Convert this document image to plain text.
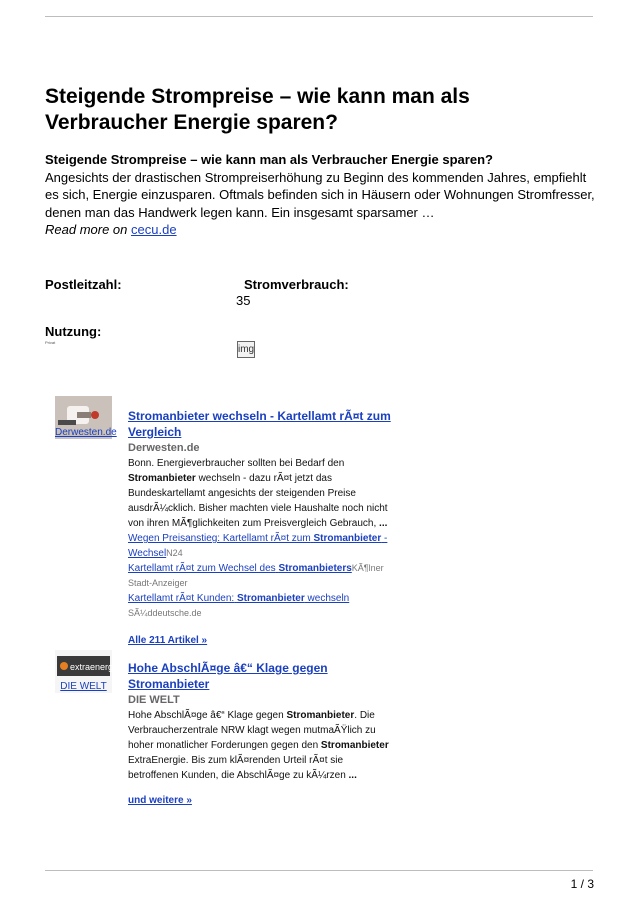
Steigende Strompreise – wie kann man als Verbraucher Energie sparen?
Steigende Strompreise – wie kann man als Verbraucher Energie sparen?
Angesichts der drastischen Strompreiserhöhung zu Beginn des kommenden Jahres, empfiehlt es sich, Energie einzusparen. Oftmals befinden sich in Häusern oder Wohnungen Stromfresser, denen man das Handwerk legen kann. Ein insgesamt sparsamer …
Read more on cecu.de
Postleitzahl:	Stromverbrauch:
35
Nutzung:
Privat
img
Derwesten.de
Stromanbieter wechseln - Kartellamt rÃ¤t zum Vergleich
Derwesten.de
Bonn. Energieverbraucher sollten bei Bedarf den Stromanbieter wechseln - dazu rÃ¤t jetzt das Bundeskartellamt angesichts der steigenden Preise ausdrÃ¼cklich. Bisher machten viele Haushalte noch nicht von ihren MÃ¶glichkeiten zum Preisvergleich Gebrauch, ...
Wegen Preisanstieg: Kartellamt rÃ¤t zum Stromanbieter -WechselN24
Kartellamt rÃ¤t zum Wechsel des StromanbietersKÃ¶lner Stadt-Anzeiger
Kartellamt rÃ¤t Kunden: Stromanbieter wechseln
SÃ¼ddeutsche.de

Alle 211 Artikel »
extraenergie
DIE WELT
Hohe AbschlÃ¤ge â€“ Klage gegen Stromanbieter
DIE WELT
Hohe AbschlÃ¤ge â€“ Klage gegen Stromanbieter. Die Verbraucherzentrale NRW klagt wegen mutmaÃŸlich zu hoher monatlicher Forderungen gegen den Stromanbieter ExtraEnergie. Bis zum klÃ¤renden Urteil rÃ¤t sie betroffenen Kunden, die AbschlÃ¤ge zu kÃ¼rzen ...

und weitere »
1 / 3
